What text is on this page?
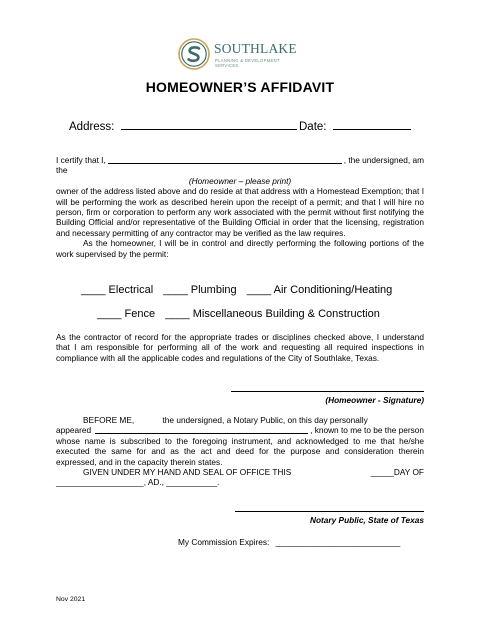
SOUTHLAKE
PLANNING & DEVELOPMENT
SERVICES
HOMEOWNER’S AFFIDAVIT
Address:	Date:
I certify that I,	, the undersigned, am
the
(Homeowner – please print)
owner of the address listed above and do reside at that address with a Homestead Exemption; that I will be performing the work as described herein upon the receipt of a permit; and that I will hire no person, firm or corporation to perform any work associated with the permit without first notifying the Building Official and/or representative of the Building Official in order that the licensing, registration and necessary permitting of any contractor may be verified as the law requires.
As the homeowner, I will be in control and directly performing the following portions of the work supervised by the permit:
____ Electrical ____ Plumbing ____ Air Conditioning/Heating
____ Fence ____ Miscellaneous Building & Construction
As the contractor of record for the appropriate trades or disciplines checked above, I understand that I am responsible for performing all of the work and requesting all required inspections in compliance with all the applicable codes and regulations of the City of Southlake, Texas.
(Homeowner - Signature)
BEFORE ME,	the undersigned, a Notary Public, on this day personally
appeared	, known to me to be the person
whose name is subscribed to the foregoing instrument, and acknowledged to me that he/she executed the same for and as the act and deed for the purpose and consideration therein expressed, and in the capacity therein states.
GIVEN UNDER MY HAND AND SEAL OF OFFICE THIS	_____DAY OF
___________________, AD., ___________.
Notary Public, State of Texas
My Commission Expires: ___________________________
Nov 2021
